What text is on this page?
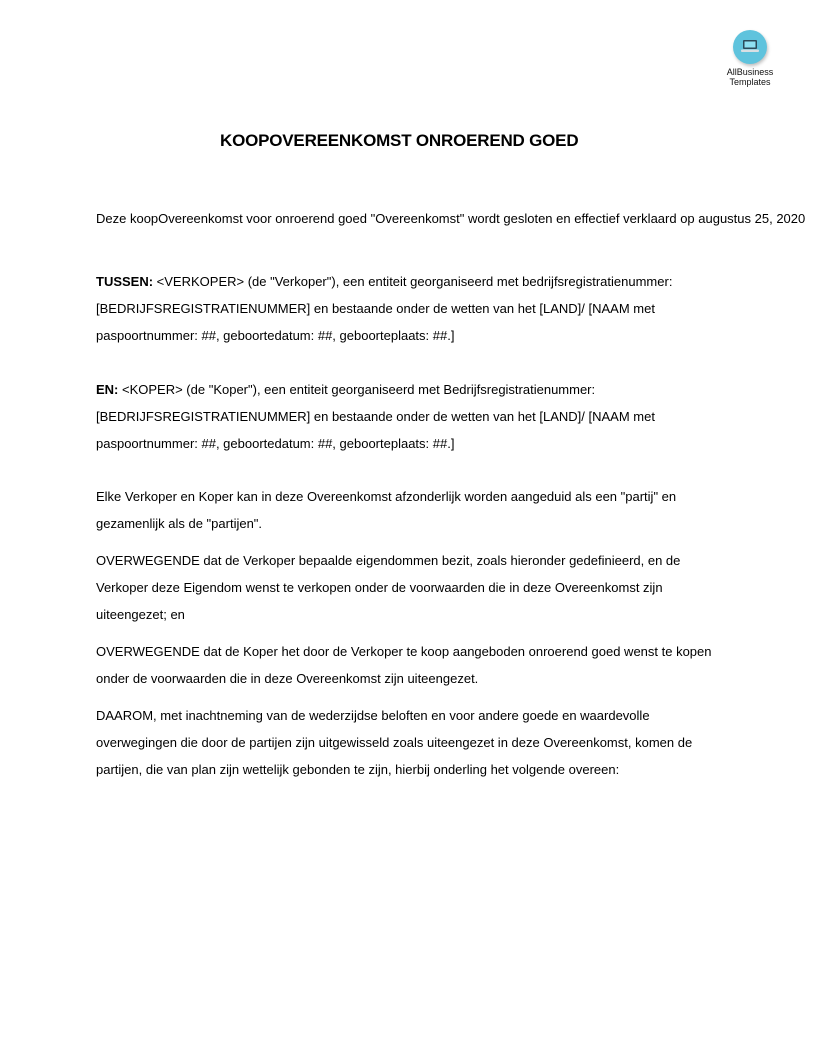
AllBusiness
Templates
KOOPOVEREENKOMST ONROEREND GOED
Deze koopOvereenkomst voor onroerend goed "Overeenkomst" wordt gesloten en effectief verklaard op augustus 25, 2020
TUSSEN: <VERKOPER> (de "Verkoper"), een entiteit georganiseerd met bedrijfsregistratienummer:
[BEDRIJFSREGISTRATIENUMMER] en bestaande onder de wetten van het [LAND]/ [NAAM met
paspoortnummer: ##, geboortedatum: ##, geboorteplaats: ##.]
EN: <KOPER> (de "Koper"), een entiteit georganiseerd met Bedrijfsregistratienummer:
[BEDRIJFSREGISTRATIENUMMER] en bestaande onder de wetten van het [LAND]/ [NAAM met
paspoortnummer: ##, geboortedatum: ##, geboorteplaats: ##.]
Elke Verkoper en Koper kan in deze Overeenkomst afzonderlijk worden aangeduid als een "partij" en
gezamenlijk als de "partijen".
OVERWEGENDE dat de Verkoper bepaalde eigendommen bezit, zoals hieronder gedefinieerd, en de
Verkoper deze Eigendom wenst te verkopen onder de voorwaarden die in deze Overeenkomst zijn
uiteengezet; en
OVERWEGENDE dat de Koper het door de Verkoper te koop aangeboden onroerend goed wenst te kopen
onder de voorwaarden die in deze Overeenkomst zijn uiteengezet.
DAAROM, met inachtneming van de wederzijdse beloften en voor andere goede en waardevolle
overwegingen die door de partijen zijn uitgewisseld zoals uiteengezet in deze Overeenkomst, komen de
partijen, die van plan zijn wettelijk gebonden te zijn, hierbij onderling het volgende overeen:
